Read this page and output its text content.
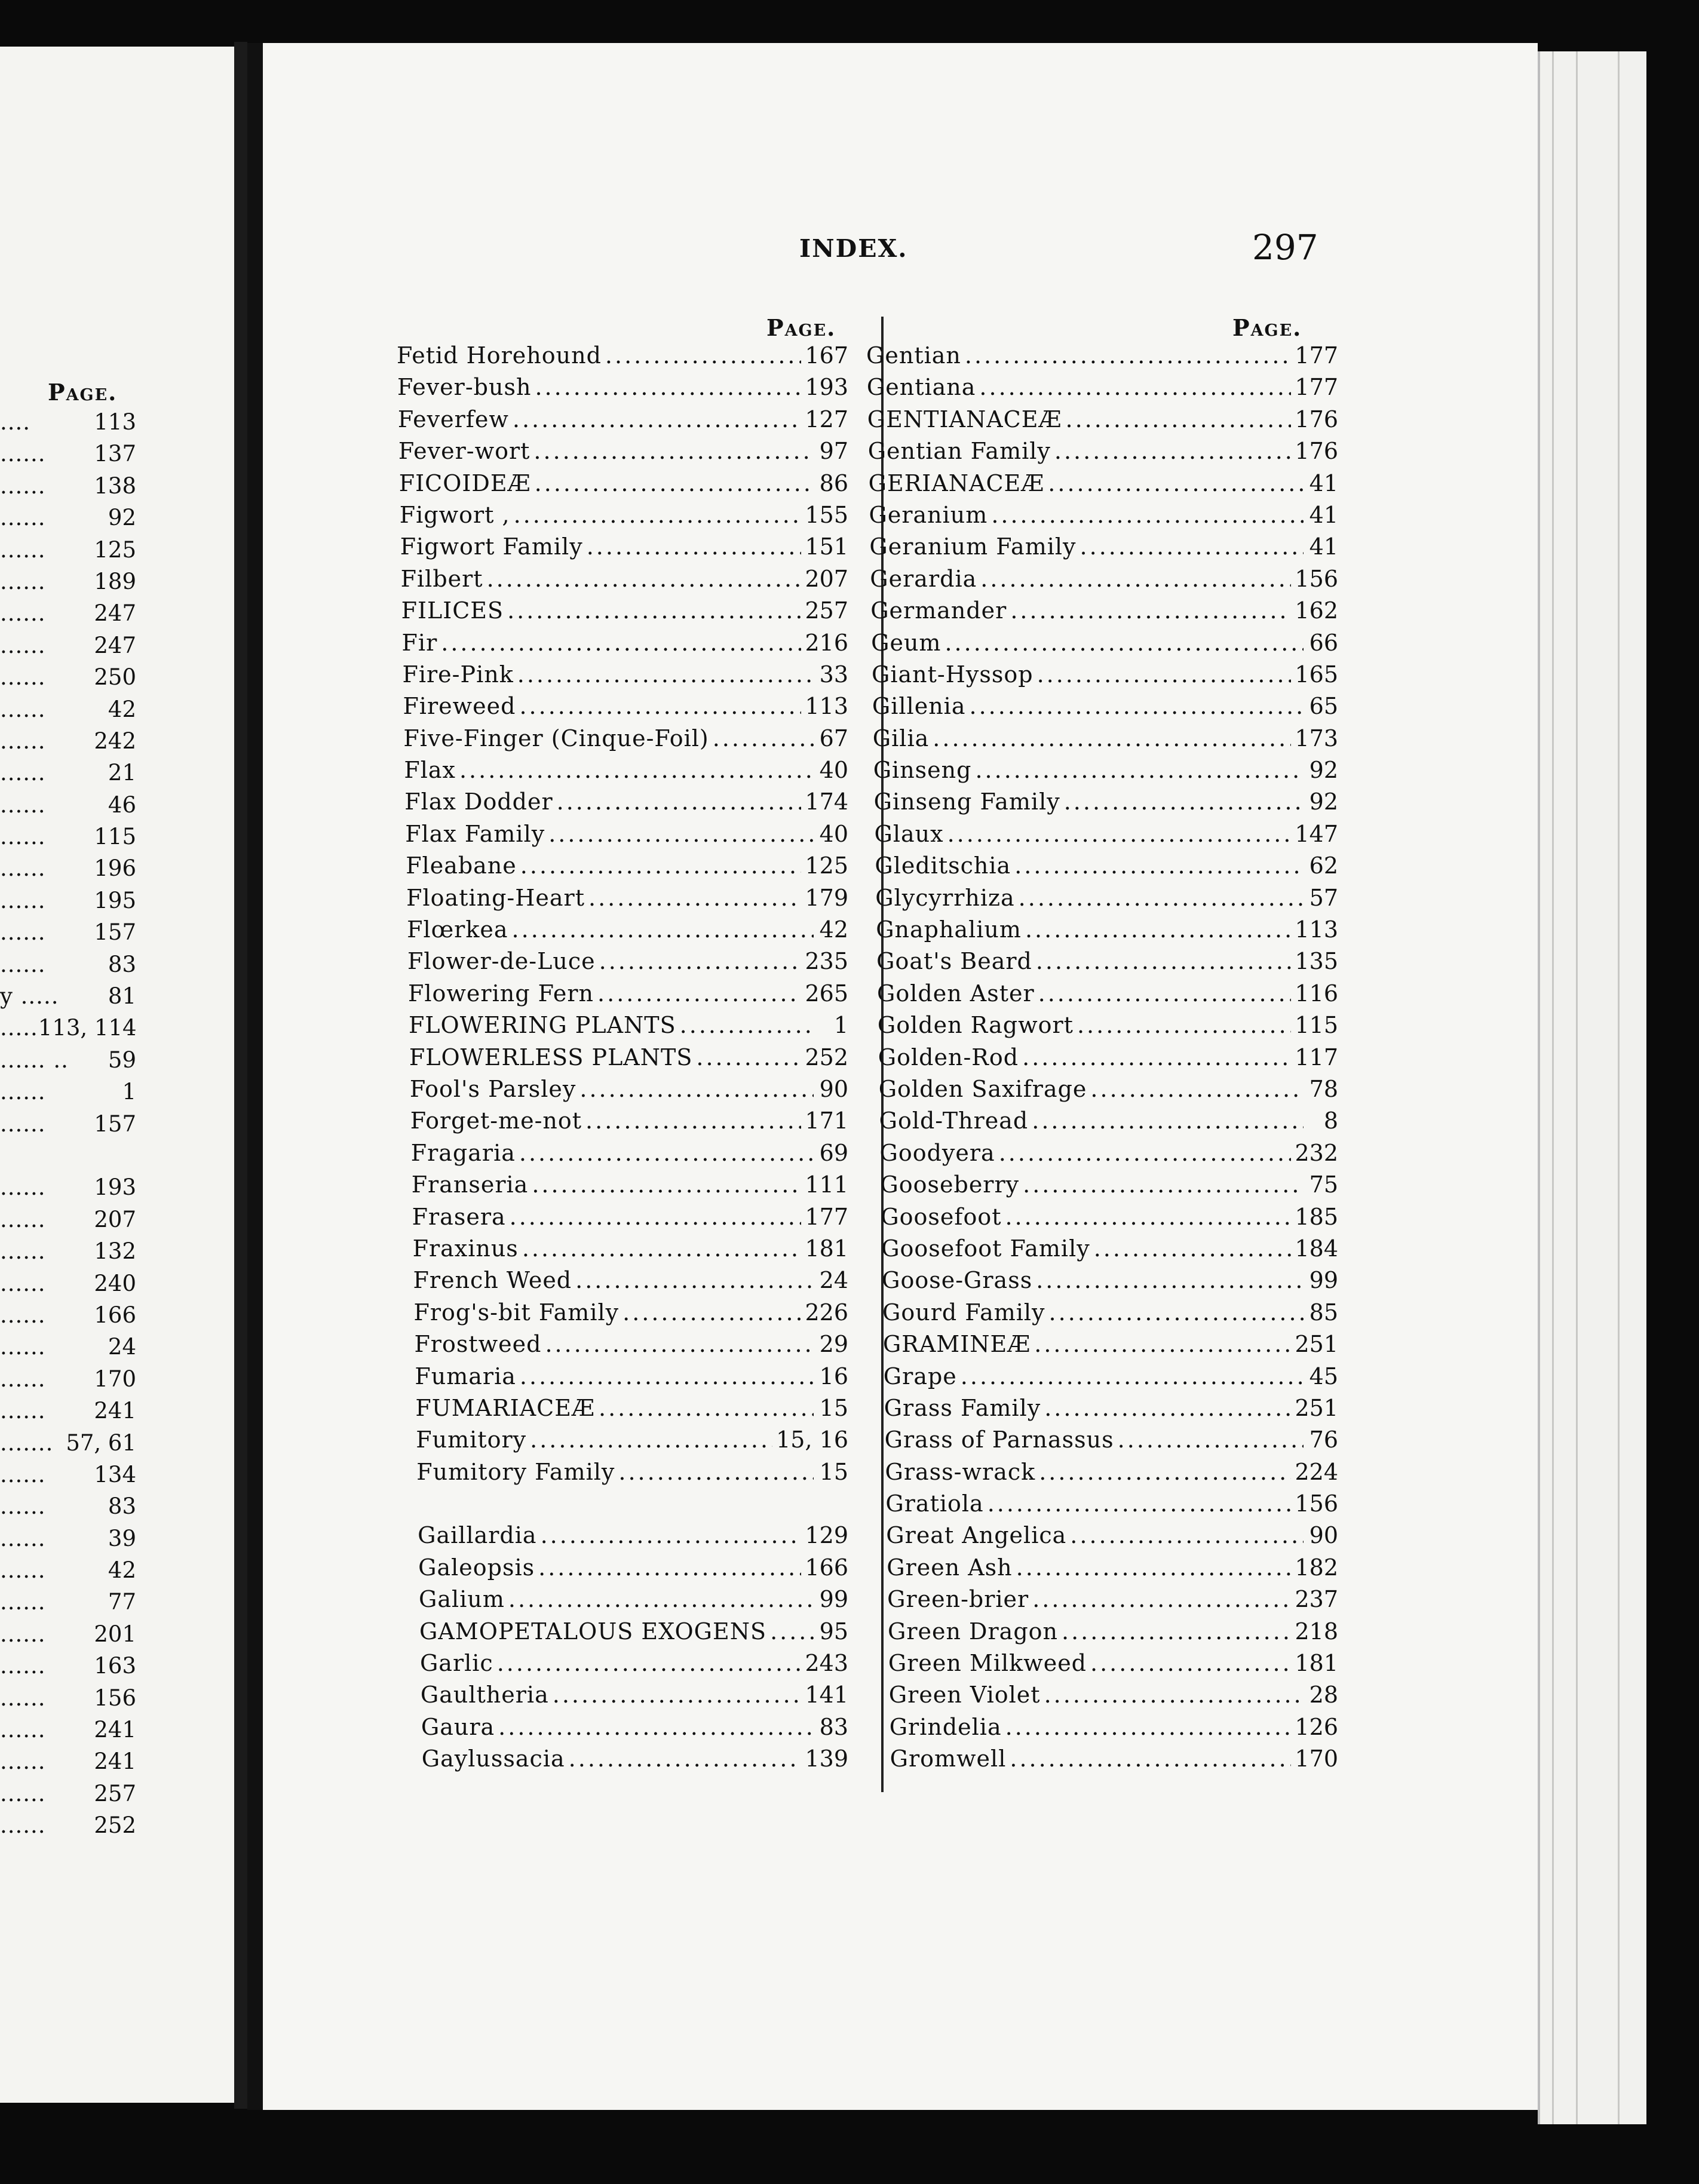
Page.
....	113
......	137
......	138
......	92
......	125
......	189
......	247
......	247
......	250
......	42
......	242
......	21
......	46
......	115
......	196
......	195
......	157
......	83
y .....	81
..... 113, 114
...... ..	59
......	1
......	157
......	193
......	207
......	132
......	240
......	166
......	24
......	170
......	241
....... 57, 61
......	134
......	83
......	39
......	42
......	77
......	201
......	163
......	156
......	241
......	241
......	257
......	252
INDEX.	297
Page.	Page.
Fetid Horehound .....	167
Fever-bush .....	193
Feverfew .....	127
Fever-wort .....	97
FICOIDEÆ .....	86
Figwort , .....	155
Figwort Family .....	151
Filbert .....	207
FILICES .....	257
Fir .....	216
Fire-Pink .....	33
Fireweed .....	113
Five-Finger (Cinque-Foil) .....	67
Flax .....	40
Flax Dodder .....	174
Flax Family .....	40
Fleabane .....	125
Floating-Heart .....	179
Flœrkea .....	42
Flower-de-Luce .....	235
Flowering Fern .....	265
FLOWERING PLANTS .....	1
FLOWERLESS PLANTS .....	252
Fool's Parsley .....	90
Forget-me-not .....	171
Fragaria .....	69
Franseria .....	111
Frasera .....	177
Fraxinus .....	181
French Weed .....	24
Frog's-bit Family .....	226
Frostweed .....	29
Fumaria .....	16
FUMARIACEÆ .....	15
Fumitory .....	15, 16
Fumitory Family .....	15
Gaillardia .....	129
Galeopsis .....	166
Galium .....	99
GAMOPETALOUS EXOGENS ..... 95
Garlic .....	243
Gaultheria .....	141
Gaura .....	83
Gaylussacia .....	139
Gentian .....	177
Gentiana .....	177
GENTIANACEÆ .....	176
Gentian Family .....	176
GERIANACEÆ .....	41
Geranium .....	41
Geranium Family .....	41
Gerardia .....	156
Germander .....	162
Geum .....	66
Giant-Hyssop .....	165
Gillenia .....	65
Gilia .....	173
Ginseng .....	92
Ginseng Family .....	92
Glaux .....	147
Gleditschia .....	62
Glycyrrhiza .....	57
Gnaphalium .....	113
Goat's Beard .....	135
Golden Aster .....	116
Golden Ragwort .....	115
Golden-Rod .....	117
Golden Saxifrage .....	78
Gold-Thread .....	8
Goodyera .....	232
Gooseberry .....	75
Goosefoot .....	185
Goosefoot Family .....	184
Goose-Grass .....	99
Gourd Family .....	85
GRAMINEÆ .....	251
Grape .....	45
Grass Family .....	251
Grass of Parnassus .....	76
Grass-wrack .....	224
Gratiola .....	156
Great Angelica .....	90
Green Ash .....	182
Green-brier .....	237
Green Dragon .....	218
Green Milkweed .....	181
Green Violet .....	28
Grindelia .....	126
Gromwell .....	170
